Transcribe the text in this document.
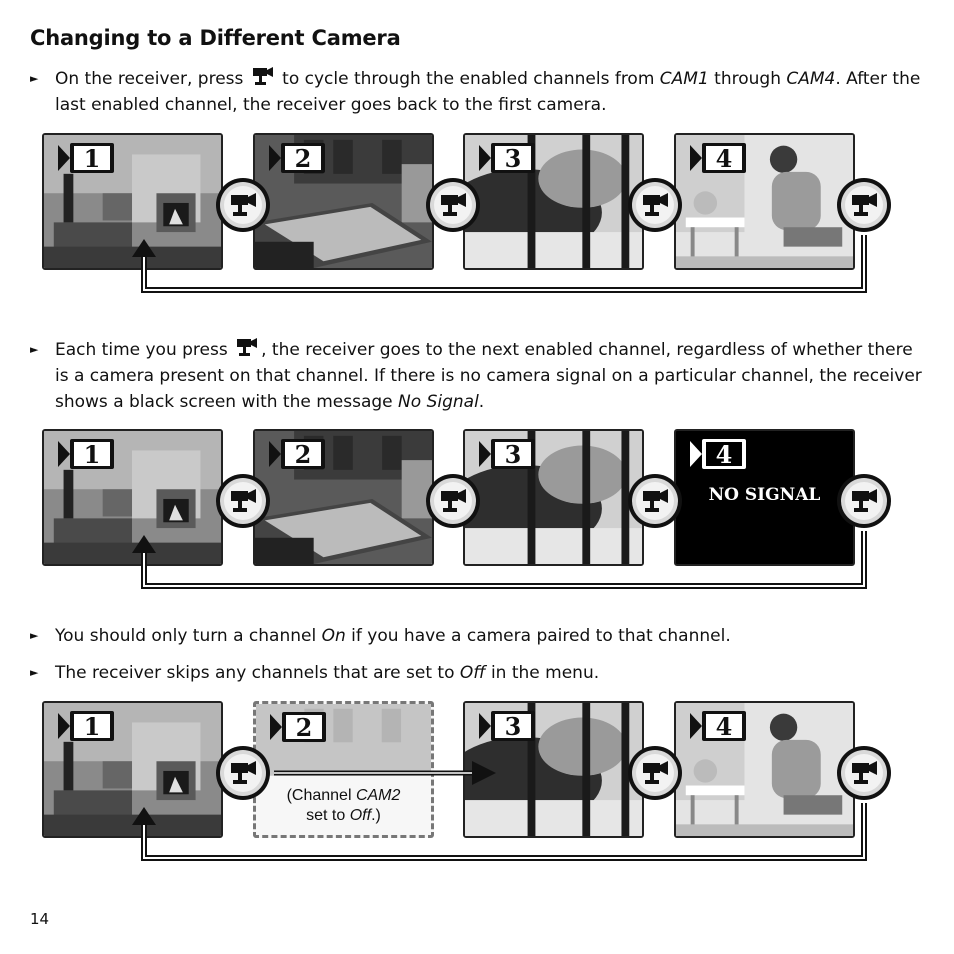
Changing to a Different Camera
► On the receiver, press  to cycle through the enabled channels from CAM1 through CAM4. After the last enabled channel, the receiver goes back to the first camera.
1	2	3	4
► Each time you press , the receiver goes to the next enabled channel, regardless of whether there is a camera present on that channel. If there is no camera signal on a particular channel, the receiver shows a black screen with the message No Signal.
1	2	3	4
NO SIGNAL
► You should only turn a channel On if you have a camera paired to that channel.
► The receiver skips any channels that are set to Off in the menu.
1	2
(Channel CAM2
set to Off.)
3	4
14
